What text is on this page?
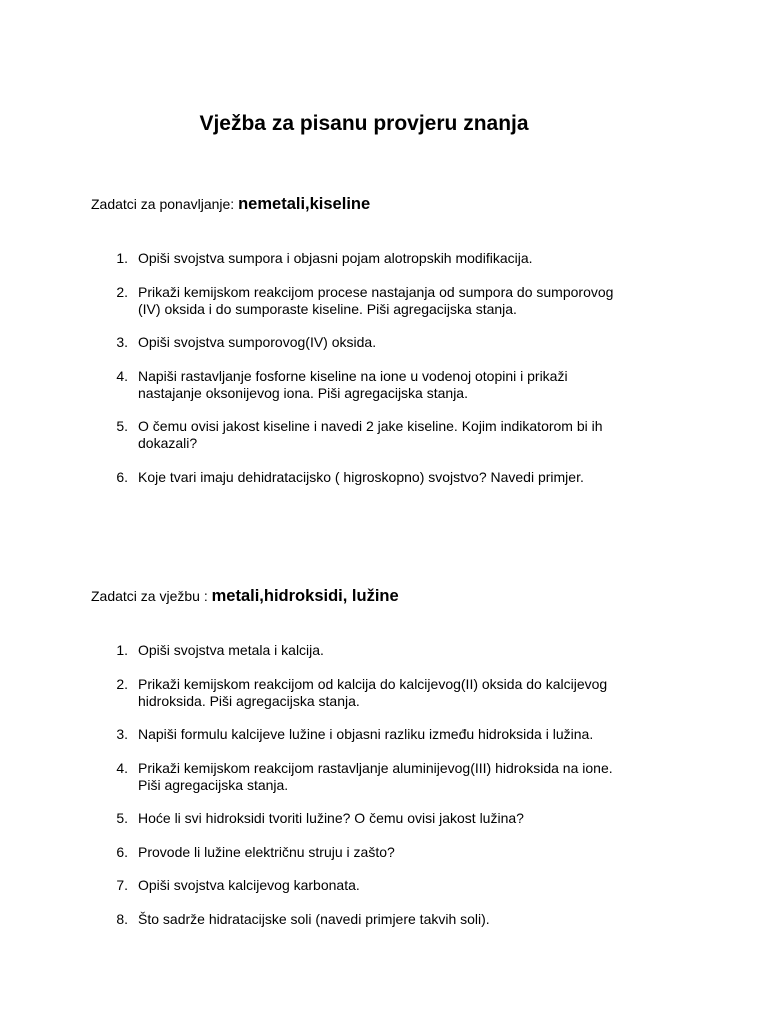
Vježba za pisanu provjeru znanja

Zadatci za ponavljanje: nemetali,kiseline

1. Opiši svojstva sumpora i objasni pojam alotropskih modifikacija.
2. Prikaži kemijskom reakcijom procese nastajanja od sumpora do sumporovog
(IV) oksida i do sumporaste kiseline. Piši agregacijska stanja.
3. Opiši svojstva sumporovog(IV) oksida.
4. Napiši rastavljanje fosforne kiseline na ione u vodenoj otopini i prikaži
nastajanje oksonijevog iona. Piši agregacijska stanja.
5. O čemu ovisi jakost kiseline i navedi 2 jake kiseline. Kojim indikatorom bi ih
dokazali?
6. Koje tvari imaju dehidratacijsko ( higroskopno) svojstvo? Navedi primjer.

Zadatci za vježbu : metali,hidroksidi, lužine

1. Opiši svojstva metala i kalcija.
2. Prikaži kemijskom reakcijom od kalcija do kalcijevog(II) oksida do kalcijevog
hidroksida. Piši agregacijska stanja.
3. Napiši formulu kalcijeve lužine i objasni razliku između hidroksida i lužina.
4. Prikaži kemijskom reakcijom rastavljanje aluminijevog(III) hidroksida na ione.
Piši agregacijska stanja.
5. Hoće li svi hidroksidi tvoriti lužine? O čemu ovisi jakost lužina?
6. Provode li lužine električnu struju i zašto?
7. Opiši svojstva kalcijevog karbonata.
8. Što sadrže hidratacijske soli (navedi primjere takvih soli).
